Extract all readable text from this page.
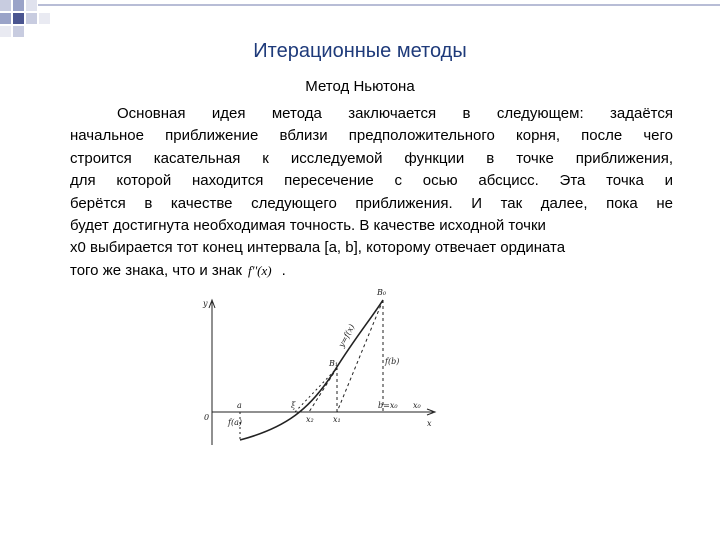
Итерационные методы
Метод Ньютона
Основная идея метода заключается в следующем: задаётся
начальное приближение вблизи предположительного корня, после чего
строится касательная к исследуемой функции в точке приближения,
для которой находится пересечение с осью абсцисс. Эта точка и
берётся в качестве следующего приближения. И так далее, пока не
будет достигнута необходимая точность. В качестве исходной точки
x0 выбирается тот конец интервала [a, b], которому отвечает ордината
того же знака, что и знак f''(x) .
y
x
0
a	ξ
x₂ x₁
b=x₀
B₀
f(a)
f(b)
y=f(x)
B₁
x₀
